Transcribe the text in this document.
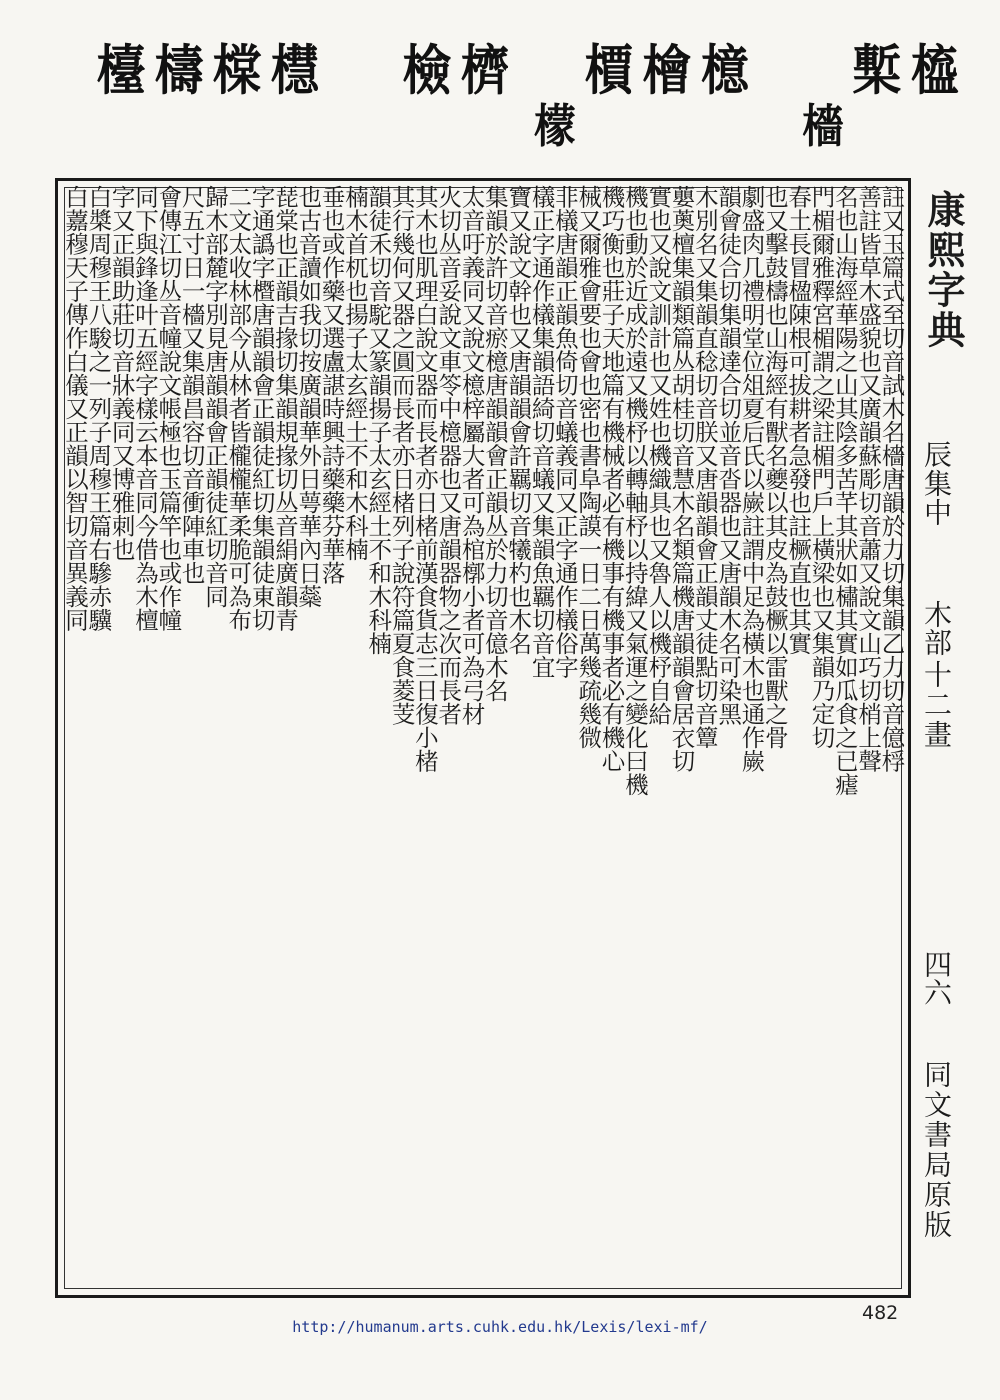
橀
槧
檣
檍
檜
檟
檬
櫅
檢
櫘
橖
檮
檯
註又玉篇式至切音試木名檣唐韻於力切集韻乙力切音億桴
善註皆草木盛貌也又廣韻蘇彫切音蕭又說文山巧切梢上聲
名也山海經華陽之山其陰多苦芊其狀如橚其實如瓜食之已瘧
門楣爾雅釋宮楣謂之梁註楣門戶上橫梁也又集韻乃定切
春土長冒楹陳根可拔耕者急發也註橛直也其實
也又擊鼓檮也山海經有獸名夔以其皮為鼓橛以雷獸之骨
劇盛肉几禮明堂位俎夏后氏以嶡註謂中足為橫木也通作嶡
韻會徒合切集韻達合切並音沓器也又唐韻木名可染黑
木別名又集韻直稔切音朕又唐韻韻會正韻丈徒點切音簟
蘡薁檀集韻類篇丛胡桂切音慧木名類篇機唐韻韻會居衣切
實也又說文訓計也又姓也機織具也又魯人以機杼自給
機也動於近成於遠又機杼以轉軸杼以持緯又氣運之變化曰機
機巧衡也莊子天地篇有機械者必有機事有機事者必有機心
械又爾雅會要也會也密也書阜陶謨一日二日萬幾疏幾微
非檥唐韻正韻魚倚切音蟻義同又正字通作檥俗字
檥正字通作檥集韻語綺切音蟻又集韻魚羈切音宜
寶又說文幹也又唐韻韻會許羈切音犧杓也木名
集韻於許切音瘀檍唐韻韻會正韻丛於力切音億木名
太音吁義同又說文檍梓屬大者可為棺槨小者可為弓材
火切丛音妥說文車笭中檍器也又唐韻器物之次而長者
其木也肌理白說文器而長者亦日楮前漢食貨志三日復小楮
其行幾何又器之圓而長者亦日楮列子說符篇夏食菱芰
韻徒禾切音駝又篆韻揚子太玄經土不和木科楠
楠木首杌也揚子太玄經土不和木科楠
垂也或作藥又選盧諶時興詩藥藥芬華落
也古音讀如我切按廣韻華外日萼華內日蘂
琵棠也正韻吉掾切集韻規掾切丛音絹廣韻青
字通譌字櫭唐韻韻會正韻徒紅切集韻徒東切
二文太收林部今从林者皆櫳櫳華柔脆可為布
歸木部麓字別見唐韻韻會正韻徒紅切音同
尺五寸日一檣又集韻昌容切音衝陣車也
會傳江切丛音幢說文帳極也玉篇竿也或作幢
同下與鋒逢叶五經字樣云本音同今借為木檀
字又正韻助莊切音牀義同又博雅刺也
白槳周穆王八駿之一列子周穆王篇右驂赤驥
白䕒穆天子傳作白儀又正韻以智切音異義同	康熙字典
辰集中
木部
十二畫
四六
同文書局原版
482
http://humanum.arts.cuhk.edu.hk/Lexis/lexi-mf/
